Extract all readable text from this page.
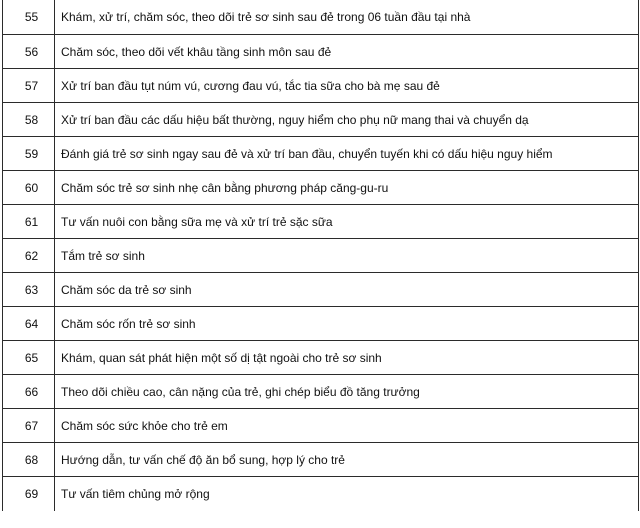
55	Khám, xử trí, chăm sóc, theo dõi trẻ sơ sinh sau đẻ trong 06 tuần đầu tại nhà
56	Chăm sóc, theo dõi vết khâu tầng sinh môn sau đẻ
57	Xử trí ban đầu tụt núm vú, cương đau vú, tắc tia sữa cho bà mẹ sau đẻ
58	Xử trí ban đầu các dấu hiệu bất thường, nguy hiểm cho phụ nữ mang thai và chuyển dạ
59	Đánh giá trẻ sơ sinh ngay sau đẻ và xử trí ban đầu, chuyển tuyến khi có dấu hiệu nguy hiểm
60	Chăm sóc trẻ sơ sinh nhẹ cân bằng phương pháp căng-gu-ru
61	Tư vấn nuôi con bằng sữa mẹ và xử trí trẻ sặc sữa
62	Tắm trẻ sơ sinh
63	Chăm sóc da trẻ sơ sinh
64	Chăm sóc rốn trẻ sơ sinh
65	Khám, quan sát phát hiện một số dị tật ngoài cho trẻ sơ sinh
66	Theo dõi chiều cao, cân nặng của trẻ, ghi chép biểu đồ tăng trưởng
67	Chăm sóc sức khỏe cho trẻ em
68	Hướng dẫn, tư vấn chế độ ăn bổ sung, hợp lý cho trẻ
69	Tư vấn tiêm chủng mở rộng
